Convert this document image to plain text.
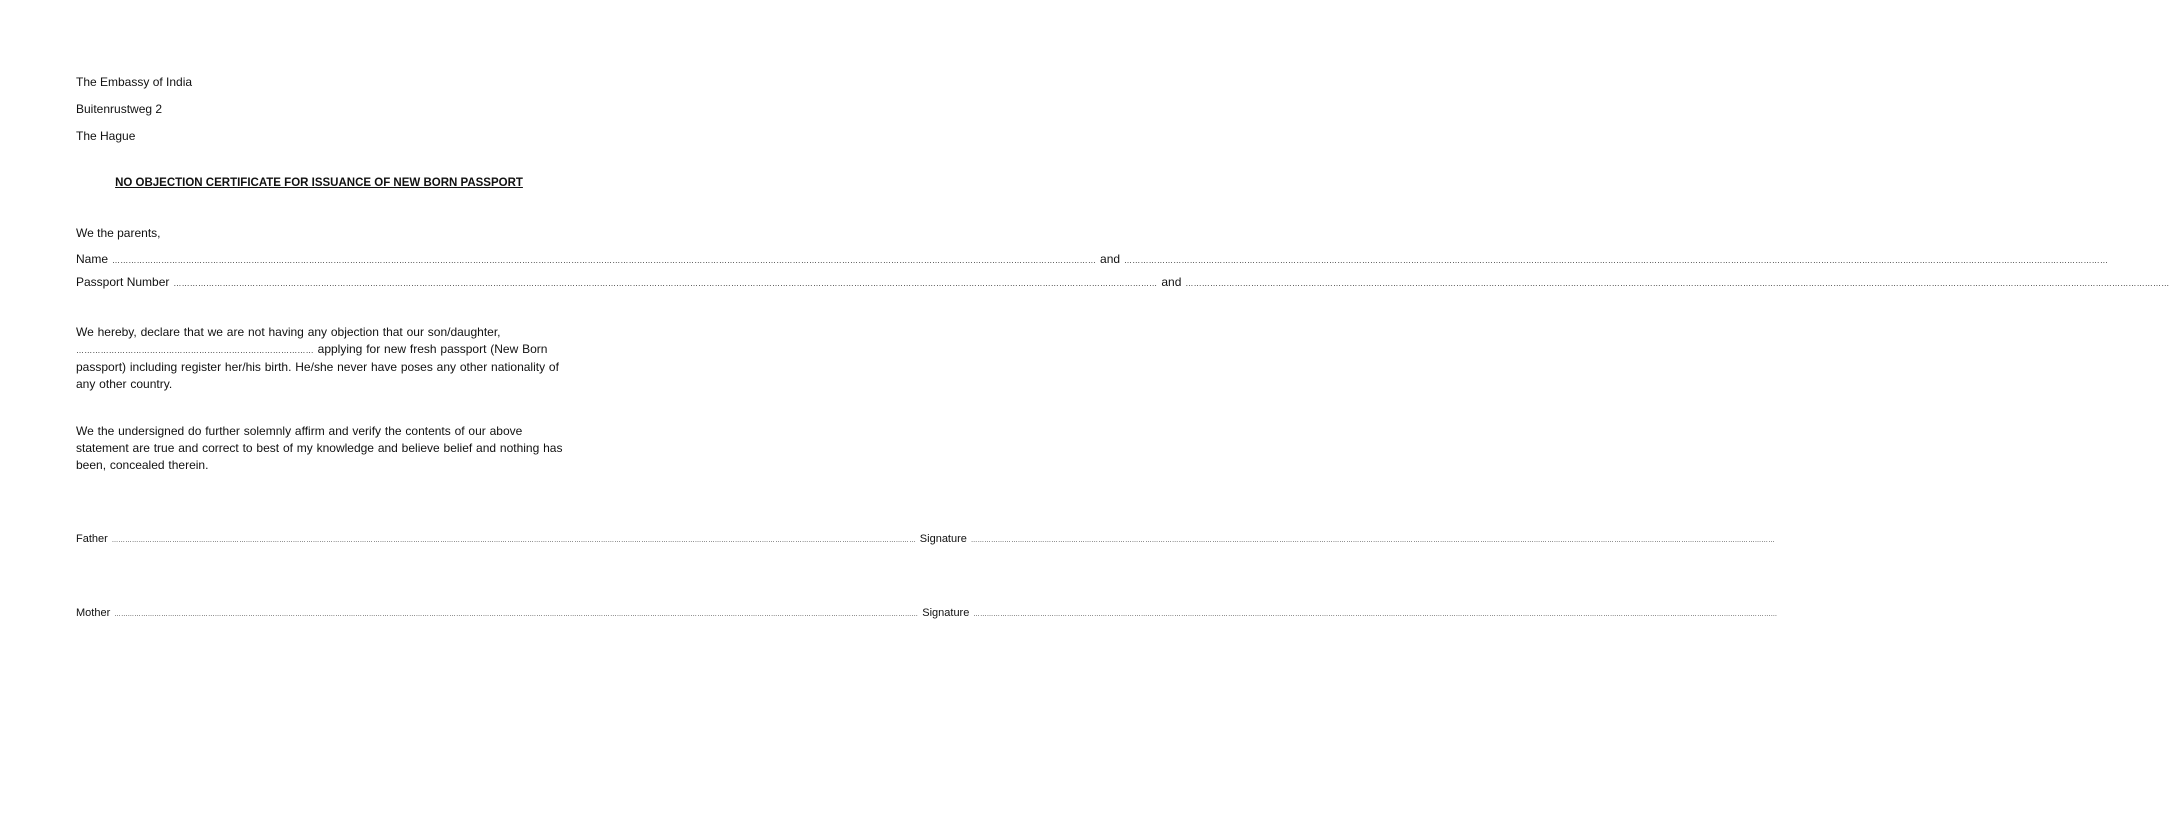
The Embassy of India
Buitenrustweg 2
The Hague
NO OBJECTION CERTIFICATE FOR ISSUANCE OF NEW BORN PASSPORT
We the parents,
Name ……………………………………………………………………………………………………………………………………………………………………………………………………………………………………………………………………………………………………………………………… and ………………………………………………………………………………………………………………………………………………………………………………………………………………………………………………………………………………………………………………………………
Passport Number ……………………………………………………………………………………………………………………………………………………………………………………………………………………………………………………………………………………………………………………………… and ………………………………………………………………………………………………………………………………………………………………………………………………………………………………………………………………………………………………………………………………
We hereby, declare that we are not having any objection that our son/daughter,
…………………………………………………………………………… applying for new fresh passport (New Born passport) including register her/his birth. He/she never have poses any other nationality of any other country.
We the undersigned do further solemnly affirm and verify the contents of our above statement are true and correct to best of my knowledge and believe belief and nothing has been, concealed therein.
Father ……………………………………………………………………………………………………………………………………………………………………………………………………………………………………………………………………………………………………………………………… Signature ………………………………………………………………………………………………………………………………………………………………………………………………………………………………………………………………………………………………………………………………
Mother ……………………………………………………………………………………………………………………………………………………………………………………………………………………………………………………………………………………………………………………………… Signature ………………………………………………………………………………………………………………………………………………………………………………………………………………………………………………………………………………………………………………………………
